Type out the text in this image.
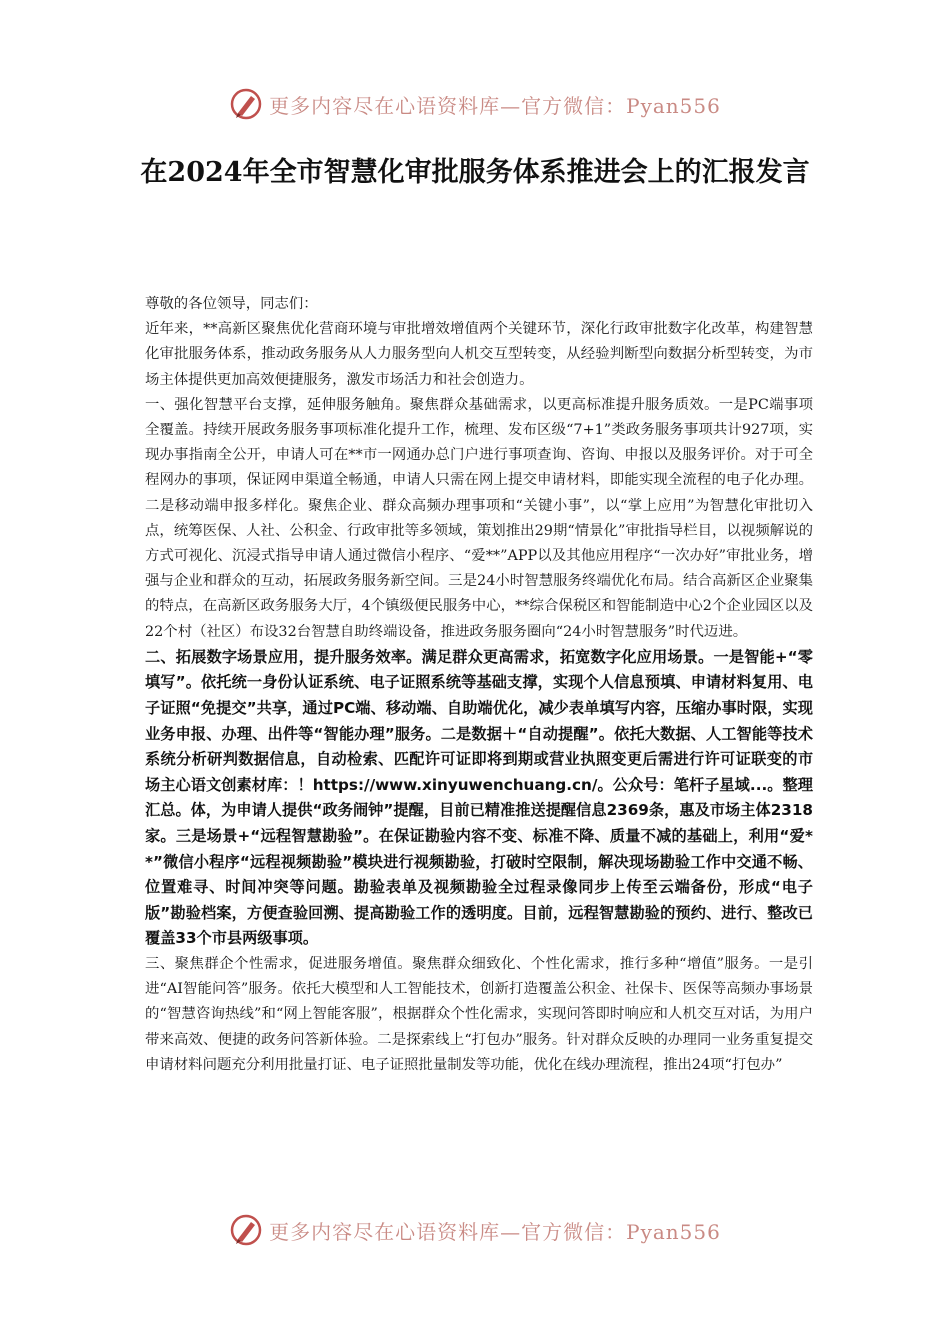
更多内容尽在心语资料库—官方微信：Pyan556
在2024年全市智慧化审批服务体系推进会上的汇报发言

尊敬的各位领导，同志们：

近年来，**高新区聚焦优化营商环境与审批增效增值两个关键环节，深化行政审批数字化改革，构建智慧化审批服务体系，推动政务服务从人力服务型向人机交互型转变，从经验判断型向数据分析型转变，为市场主体提供更加高效便捷服务，激发市场活力和社会创造力。

一、强化智慧平台支撑，延伸服务触角。聚焦群众基础需求，以更高标准提升服务质效。一是PC端事项全覆盖。持续开展政务服务事项标准化提升工作，梳理、发布区级“7+1”类政务服务事项共计927项，实现办事指南全公开，申请人可在**市一网通办总门户进行事项查询、咨询、申报以及服务评价。对于可全程网办的事项，保证网申渠道全畅通，申请人只需在网上提交申请材料，即能实现全流程的电子化办理。二是移动端申报多样化。聚焦企业、群众高频办理事项和“关键小事”，以“掌上应用”为智慧化审批切入点，统筹医保、人社、公积金、行政审批等多领域，策划推出29期“情景化”审批指导栏目，以视频解说的方式可视化、沉浸式指导申请人通过微信小程序、“爱**”APP以及其他应用程序“一次办好”审批业务，增强与企业和群众的互动，拓展政务服务新空间。三是24小时智慧服务终端优化布局。结合高新区企业聚集的特点，在高新区政务服务大厅，4个镇级便民服务中心，**综合保税区和智能制造中心2个企业园区以及22个村（社区）布设32台智慧自助终端设备，推进政务服务圈向“24小时智慧服务”时代迈进。

二、拓展数字场景应用，提升服务效率。满足群众更高需求，拓宽数字化应用场景。一是智能+“零填写”。依托统一身份认证系统、电子证照系统等基础支撑，实现个人信息预填、申请材料复用、电子证照“免提交”共享，通过PC端、移动端、自助端优化，减少表单填写内容，压缩办事时限，实现业务申报、办理、出件等“智能办理”服务。二是数据＋“自动提醒”。依托大数据、人工智能等技术系统分析研判数据信息，自动检索、匹配许可证即将到期或营业执照变更后需进行许可证联变的市场主心语文创素材库：！https://www.xinyuwenchuang.cn/。公众号：笔杆子星域...。整理汇总。体，为申请人提供“政务闹钟”提醒，目前已精准推送提醒信息2369条，惠及市场主体2318家。三是场景+“远程智慧勘验”。在保证勘验内容不变、标准不降、质量不减的基础上，利用“爱**”微信小程序“远程视频勘验”模块进行视频勘验，打破时空限制，解决现场勘验工作中交通不畅、位置难寻、时间冲突等问题。勘验表单及视频勘验全过程录像同步上传至云端备份，形成“电子版”勘验档案，方便查验回溯、提高勘验工作的透明度。目前，远程智慧勘验的预约、进行、整改已覆盖33个市县两级事项。

三、聚焦群企个性需求，促进服务增值。聚焦群众细致化、个性化需求，推行多种“增值”服务。一是引进“AI智能问答”服务。依托大模型和人工智能技术，创新打造覆盖公积金、社保卡、医保等高频办事场景的“智慧咨询热线”和“网上智能客服”，根据群众个性化需求，实现问答即时响应和人机交互对话，为用户带来高效、便捷的政务问答新体验。二是探索线上“打包办”服务。针对群众反映的办理同一业务重复提交申请材料问题充分利用批量打证、电子证照批量制发等功能，优化在线办理流程，推出24项“打包办”

更多内容尽在心语资料库—官方微信：Pyan556
